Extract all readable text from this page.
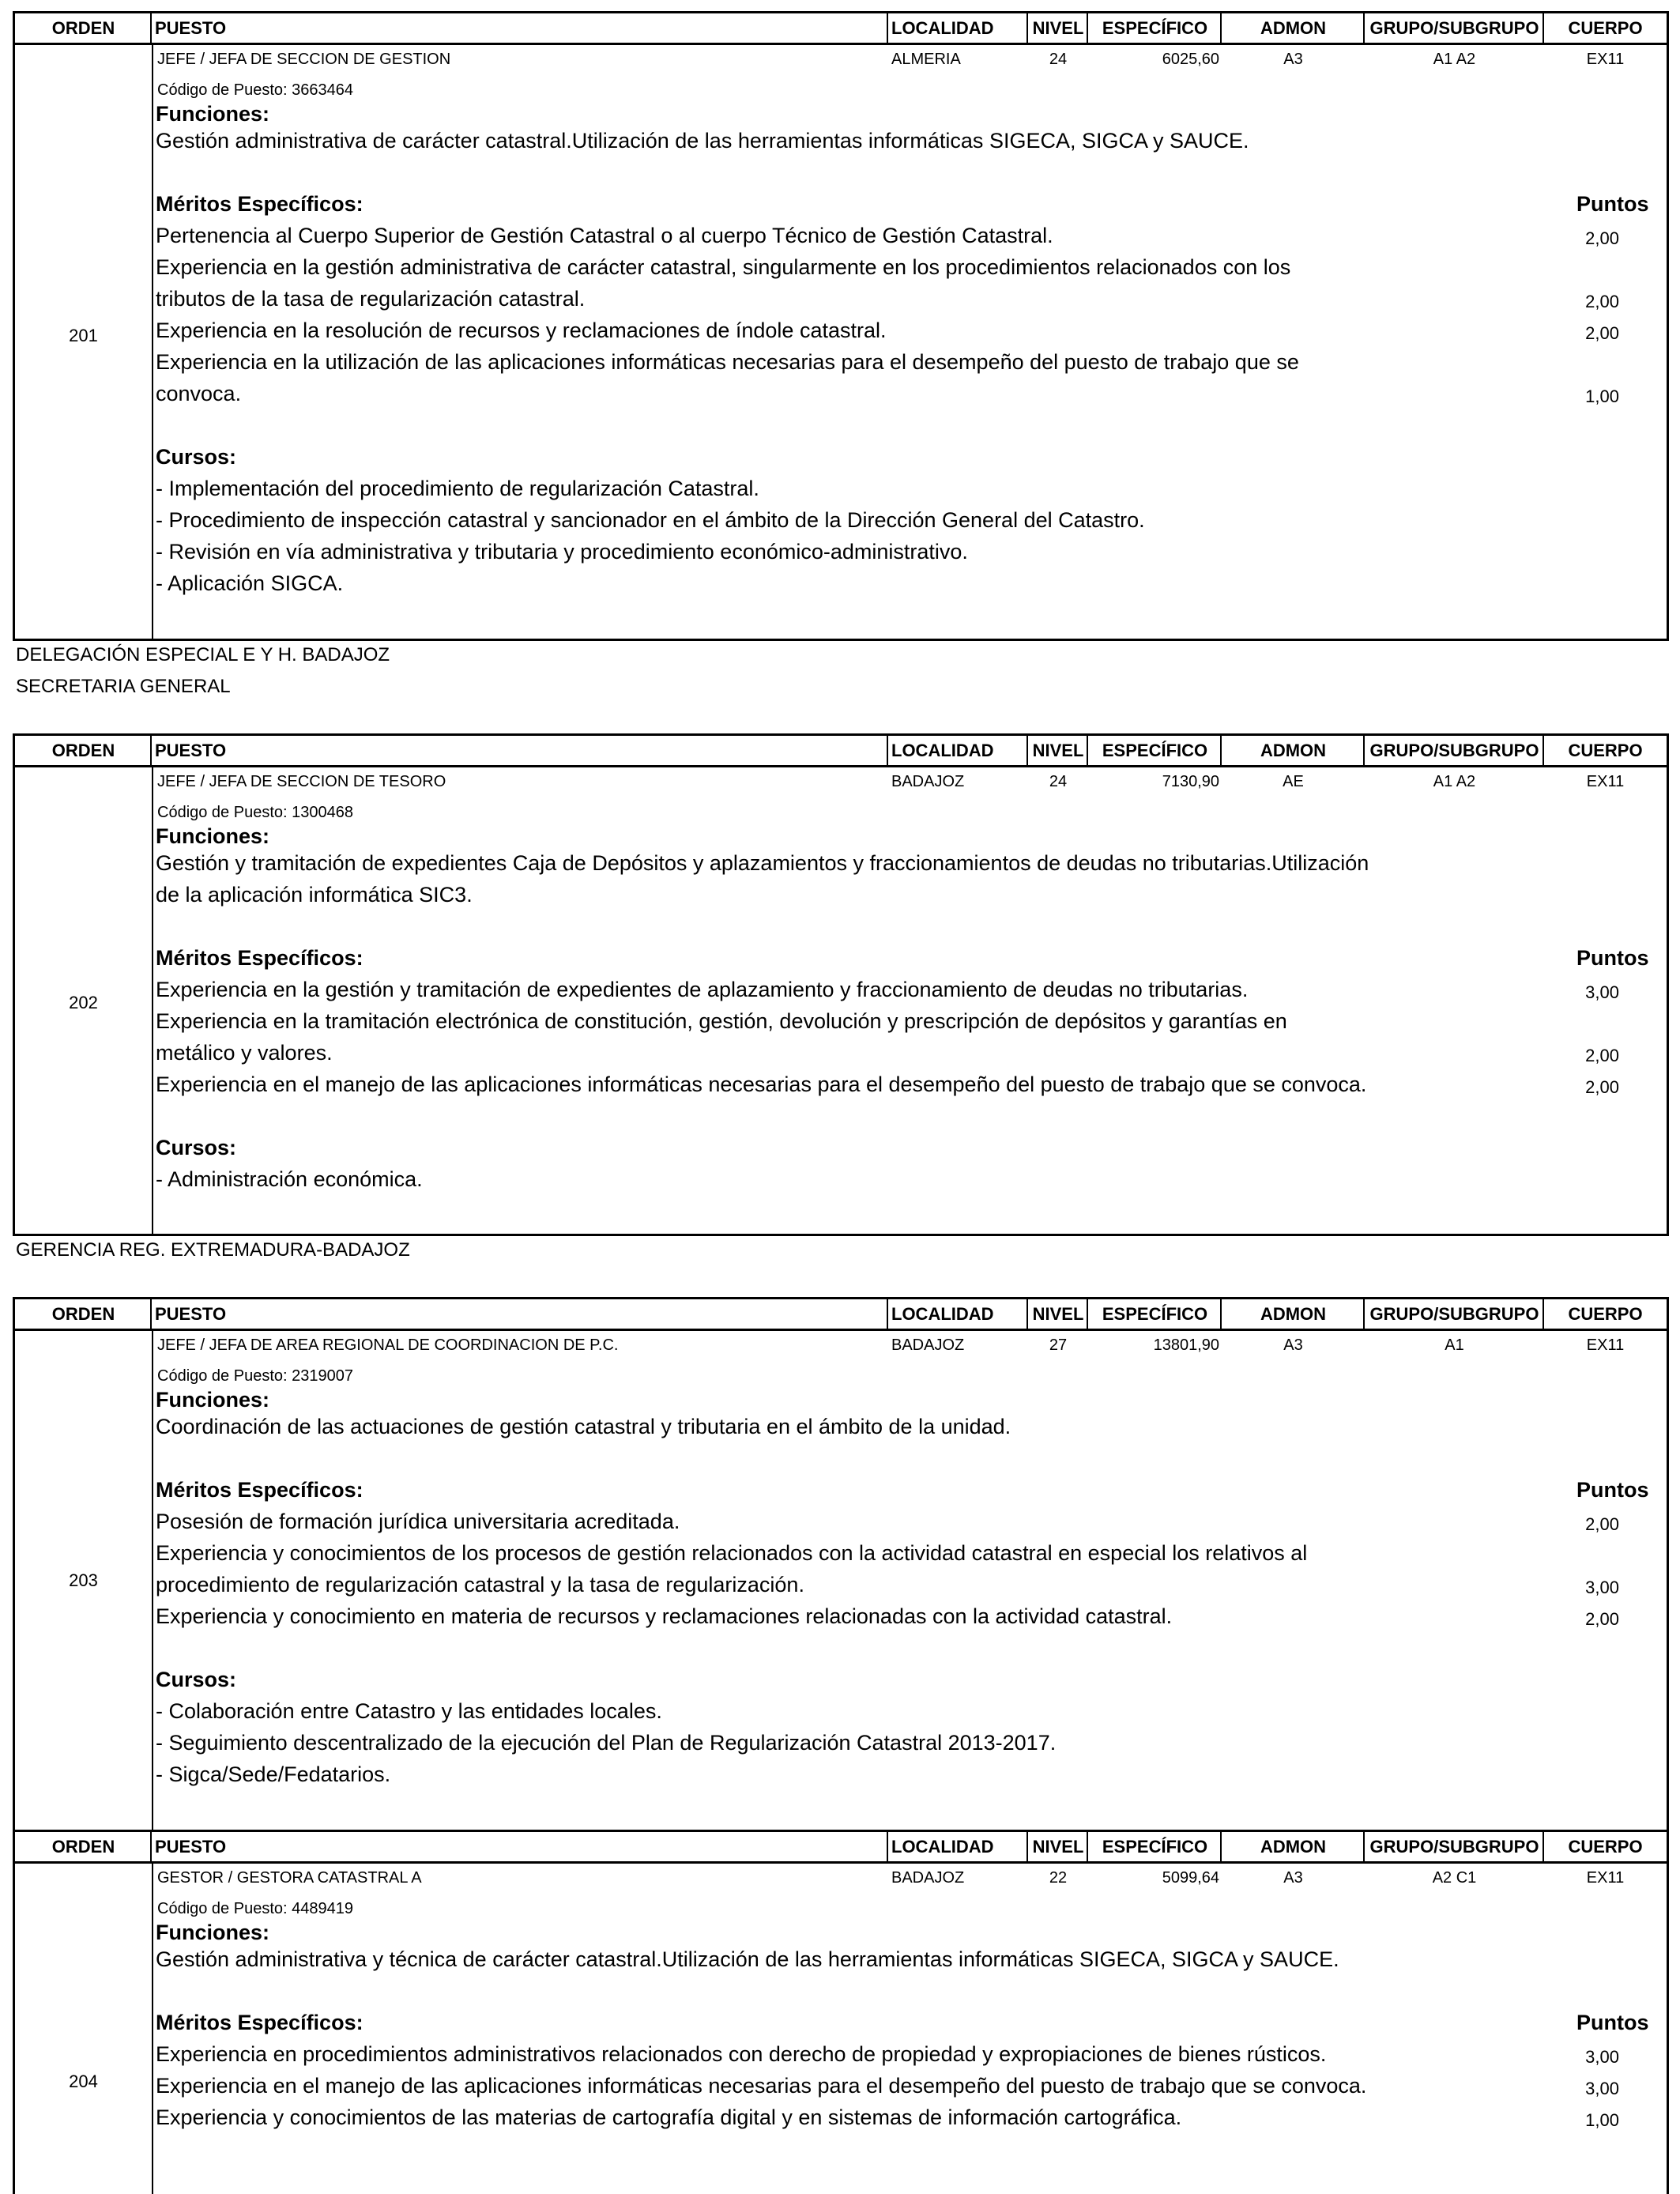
ORDEN	PUESTO	LOCALIDAD	NIVEL	ESPECÍFICO	ADMON	GRUPO/SUBGRUPO	CUERPO
201
JEFE / JEFA DE SECCION DE GESTION	ALMERIA	24	6025,60	A3	A1 A2	EX11
Código de Puesto: 3663464
Funciones:
Gestión administrativa de carácter catastral.Utilización de las herramientas informáticas SIGECA, SIGCA y SAUCE.
Méritos Específicos:	Puntos
Pertenencia al Cuerpo Superior de Gestión Catastral o al cuerpo Técnico de Gestión Catastral.	2,00
Experiencia en la gestión administrativa de carácter catastral, singularmente en los procedimientos relacionados con los
tributos de la tasa de regularización catastral.	2,00
Experiencia en la resolución de recursos y reclamaciones de índole catastral.	2,00
Experiencia en la utilización de las aplicaciones informáticas necesarias para el desempeño del puesto de trabajo que se
convoca.	1,00
Cursos:
- Implementación del procedimiento de regularización Catastral.
- Procedimiento de inspección catastral y sancionador en el ámbito de la Dirección General del Catastro.
- Revisión en vía administrativa y tributaria y procedimiento económico-administrativo.
- Aplicación SIGCA.
DELEGACIÓN ESPECIAL E Y H. BADAJOZ
SECRETARIA GENERAL
ORDEN	PUESTO	LOCALIDAD	NIVEL	ESPECÍFICO	ADMON	GRUPO/SUBGRUPO	CUERPO
202
JEFE / JEFA DE SECCION DE TESORO	BADAJOZ	24	7130,90	AE	A1 A2	EX11
Código de Puesto: 1300468
Funciones:
Gestión y tramitación de expedientes Caja de Depósitos y aplazamientos y fraccionamientos de deudas no tributarias.Utilización
de la aplicación informática SIC3.
Méritos Específicos:	Puntos
Experiencia en la gestión y tramitación de expedientes de aplazamiento y fraccionamiento de deudas no tributarias.	3,00
Experiencia en la tramitación electrónica de constitución, gestión, devolución y prescripción de depósitos y garantías en
metálico y valores.	2,00
Experiencia en el manejo de las aplicaciones informáticas necesarias para el desempeño del puesto de trabajo que se convoca.	2,00
Cursos:
- Administración económica.
GERENCIA REG. EXTREMADURA-BADAJOZ
ORDEN	PUESTO	LOCALIDAD	NIVEL	ESPECÍFICO	ADMON	GRUPO/SUBGRUPO	CUERPO
203
JEFE / JEFA DE AREA REGIONAL DE COORDINACION DE P.C.	BADAJOZ	27	13801,90	A3	A1	EX11
Código de Puesto: 2319007
Funciones:
Coordinación de las actuaciones de gestión catastral y tributaria en el ámbito de la unidad.
Méritos Específicos:	Puntos
Posesión de formación jurídica universitaria acreditada.	2,00
Experiencia y conocimientos de los procesos de gestión relacionados con la actividad catastral en especial los relativos al
procedimiento de regularización catastral y la tasa de regularización.	3,00
Experiencia y conocimiento en materia de recursos y reclamaciones relacionadas con la actividad catastral.	2,00
Cursos:
- Colaboración entre Catastro y las entidades locales.
- Seguimiento descentralizado de la ejecución del Plan de Regularización Catastral 2013-2017.
- Sigca/Sede/Fedatarios.
ORDEN	PUESTO	LOCALIDAD	NIVEL	ESPECÍFICO	ADMON	GRUPO/SUBGRUPO	CUERPO
204
GESTOR / GESTORA CATASTRAL A	BADAJOZ	22	5099,64	A3	A2 C1	EX11
Código de Puesto: 4489419
Funciones:
Gestión administrativa y técnica de carácter catastral.Utilización de las herramientas informáticas SIGECA, SIGCA y SAUCE.
Méritos Específicos:	Puntos
Experiencia en procedimientos administrativos relacionados con derecho de propiedad y expropiaciones de bienes rústicos.	3,00
Experiencia en el manejo de las aplicaciones informáticas necesarias para el desempeño del puesto de trabajo que se convoca.	3,00
Experiencia y conocimientos de las materias de cartografía digital y en sistemas de información cartográfica.	1,00
